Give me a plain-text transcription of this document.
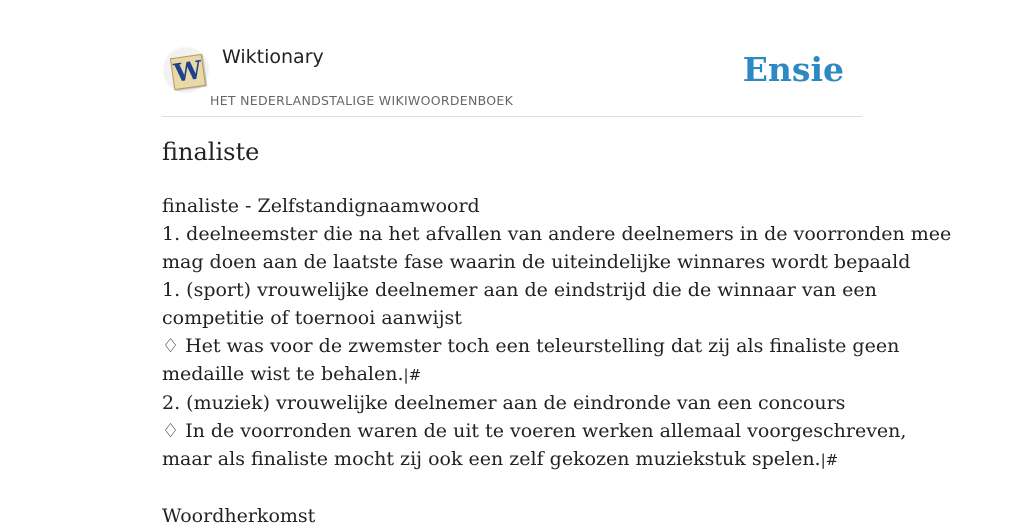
W Wiktionary
HET NEDERLANDSTALIGE WIKIWOORDENBOEK
Ensie
finaliste
finaliste - Zelfstandignaamwoord
1. deelneemster die na het afvallen van andere deelnemers in de voorronden mee
mag doen aan de laatste fase waarin de uiteindelijke winnares wordt bepaald
1. (sport) vrouwelijke deelnemer aan de eindstrijd die de winnaar van een
competitie of toernooi aanwijst
♢ Het was voor de zwemster toch een teleurstelling dat zij als finaliste geen
medaille wist te behalen.|#
2. (muziek) vrouwelijke deelnemer aan de eindronde van een concours
♢ In de voorronden waren de uit te voeren werken allemaal voorgeschreven,
maar als finaliste mocht zij ook een zelf gekozen muziekstuk spelen.|#
Woordherkomst
